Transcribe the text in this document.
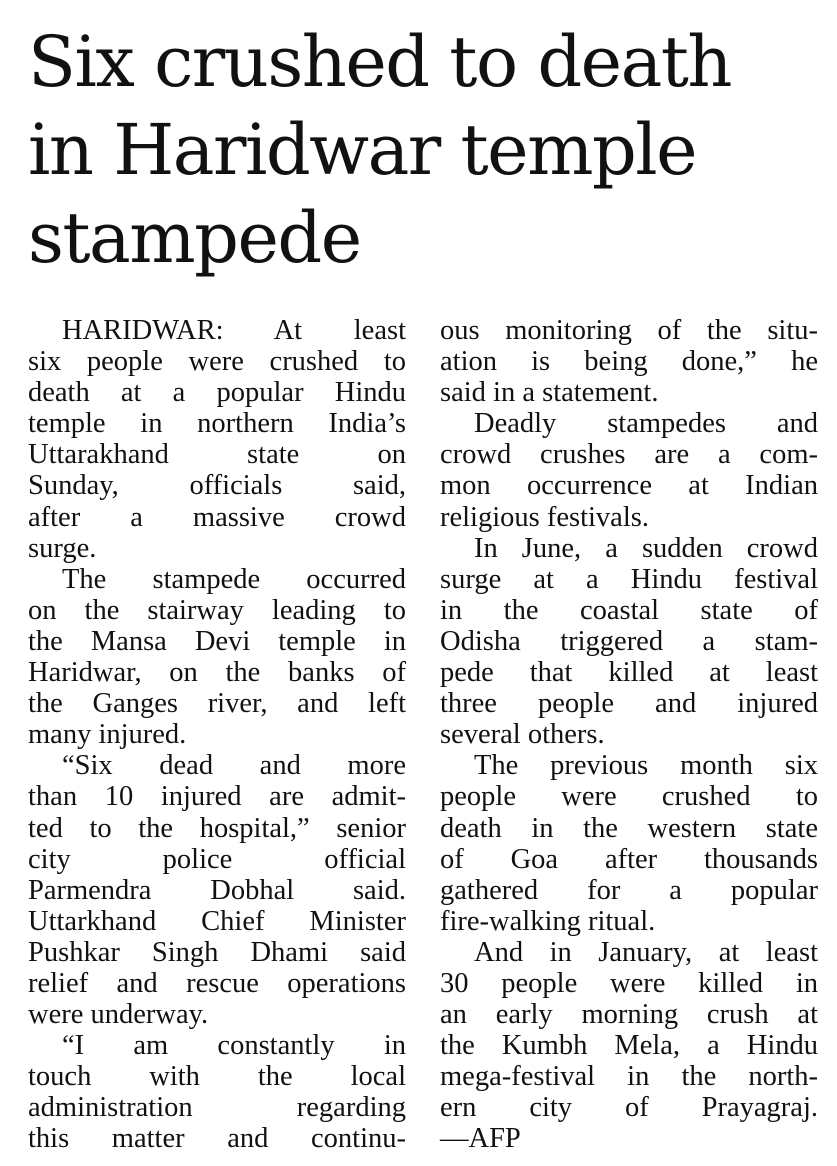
Six crushed to death
in Haridwar temple
stampede
HARIDWAR: At least
six people were crushed to
death at a popular Hindu
temple in northern India’s
Uttarakhand state on
Sunday, officials said,
after a massive crowd
surge.
The stampede occurred
on the stairway leading to
the Mansa Devi temple in
Haridwar, on the banks of
the Ganges river, and left
many injured.
“Six dead and more
than 10 injured are admit-
ted to the hospital,” senior
city police official
Parmendra Dobhal said.
Uttarkhand Chief Minister
Pushkar Singh Dhami said
relief and rescue operations
were underway.
“I am constantly in
touch with the local
administration regarding
this matter and continu-
ous monitoring of the situ-
ation is being done,” he
said in a statement.
Deadly stampedes and
crowd crushes are a com-
mon occurrence at Indian
religious festivals.
In June, a sudden crowd
surge at a Hindu festival
in the coastal state of
Odisha triggered a stam-
pede that killed at least
three people and injured
several others.
The previous month six
people were crushed to
death in the western state
of Goa after thousands
gathered for a popular
fire-walking ritual.
And in January, at least
30 people were killed in
an early morning crush at
the Kumbh Mela, a Hindu
mega-festival in the north-
ern city of Prayagraj.
—AFP
